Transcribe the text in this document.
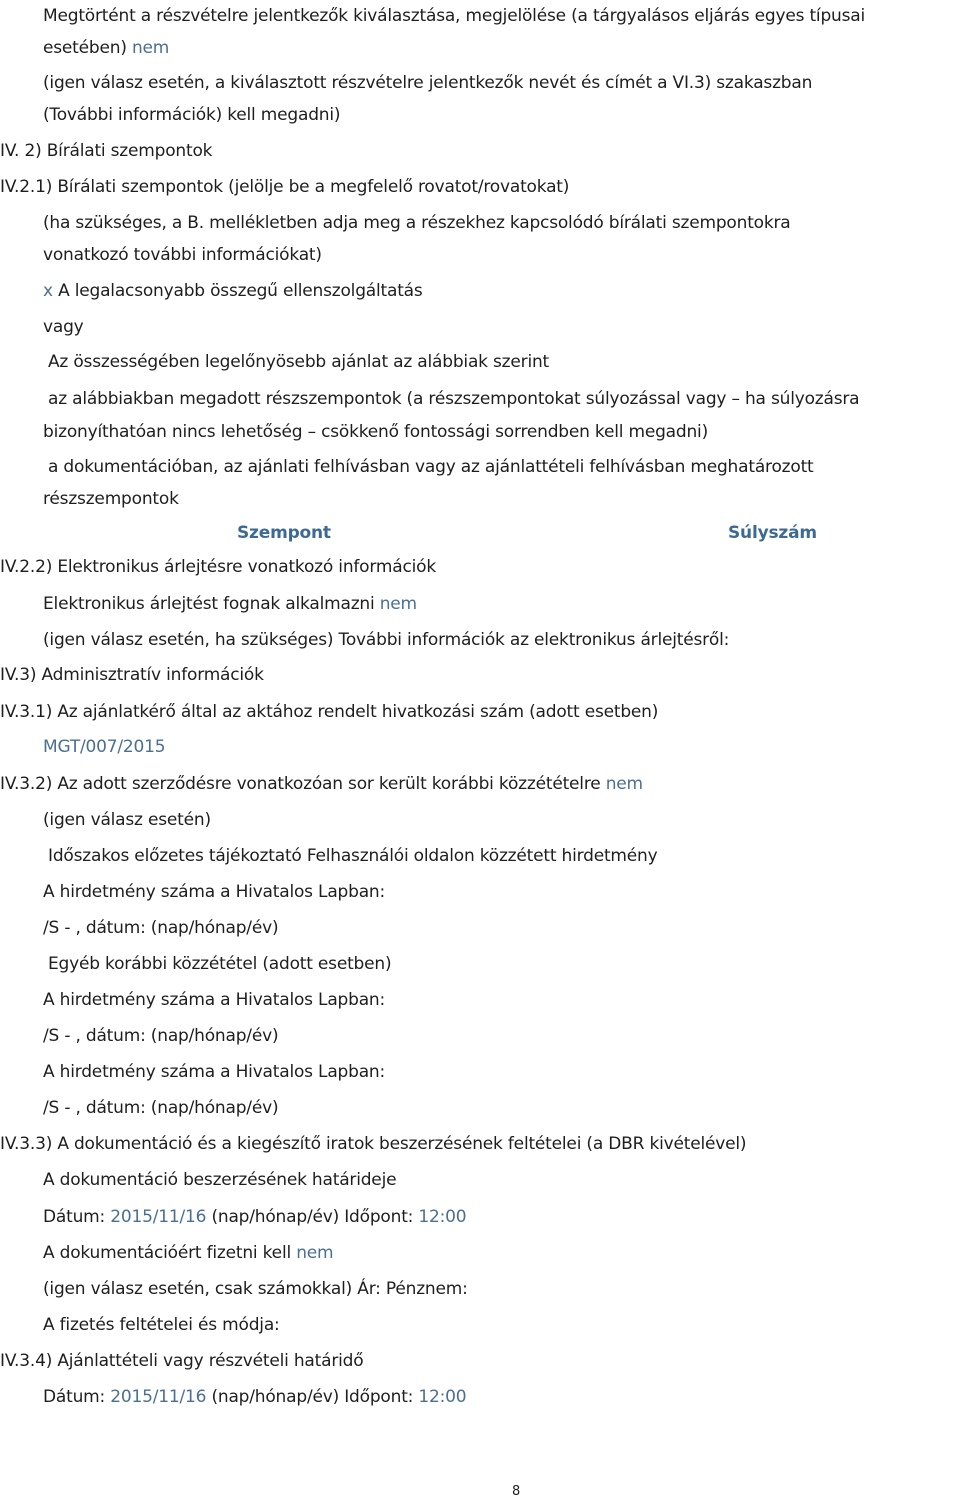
Megtörtént a részvételre jelentkezők kiválasztása, megjelölése (a tárgyalásos eljárás egyes típusai
esetében) nem
(igen válasz esetén, a kiválasztott részvételre jelentkezők nevét és címét a VI.3) szakaszban
(További információk) kell megadni)
IV. 2) Bírálati szempontok
IV.2.1) Bírálati szempontok (jelölje be a megfelelő rovatot/rovatokat)
(ha szükséges, a B. mellékletben adja meg a részekhez kapcsolódó bírálati szempontokra
vonatkozó további információkat)
x A legalacsonyabb összegű ellenszolgáltatás
vagy
Az összességében legelőnyösebb ajánlat az alábbiak szerint
az alábbiakban megadott részszempontok (a részszempontokat súlyozással vagy – ha súlyozásra
bizonyíthatóan nincs lehetőség – csökkenő fontossági sorrendben kell megadni)
a dokumentációban, az ajánlati felhívásban vagy az ajánlattételi felhívásban meghatározott
részszempontok
Szempont	Súlyszám
IV.2.2) Elektronikus árlejtésre vonatkozó információk
Elektronikus árlejtést fognak alkalmazni nem
(igen válasz esetén, ha szükséges) További információk az elektronikus árlejtésről:
IV.3) Adminisztratív információk
IV.3.1) Az ajánlatkérő által az aktához rendelt hivatkozási szám (adott esetben)
MGT/007/2015
IV.3.2) Az adott szerződésre vonatkozóan sor került korábbi közzétételre nem
(igen válasz esetén)
Időszakos előzetes tájékoztató Felhasználói oldalon közzétett hirdetmény
A hirdetmény száma a Hivatalos Lapban:
/S - , dátum: (nap/hónap/év)
Egyéb korábbi közzététel (adott esetben)
A hirdetmény száma a Hivatalos Lapban:
/S - , dátum: (nap/hónap/év)
A hirdetmény száma a Hivatalos Lapban:
/S - , dátum: (nap/hónap/év)
IV.3.3) A dokumentáció és a kiegészítő iratok beszerzésének feltételei (a DBR kivételével)
A dokumentáció beszerzésének határideje
Dátum: 2015/11/16 (nap/hónap/év) Időpont: 12:00
A dokumentációért fizetni kell nem
(igen válasz esetén, csak számokkal) Ár: Pénznem:
A fizetés feltételei és módja:
IV.3.4) Ajánlattételi vagy részvételi határidő
Dátum: 2015/11/16 (nap/hónap/év) Időpont: 12:00
8
